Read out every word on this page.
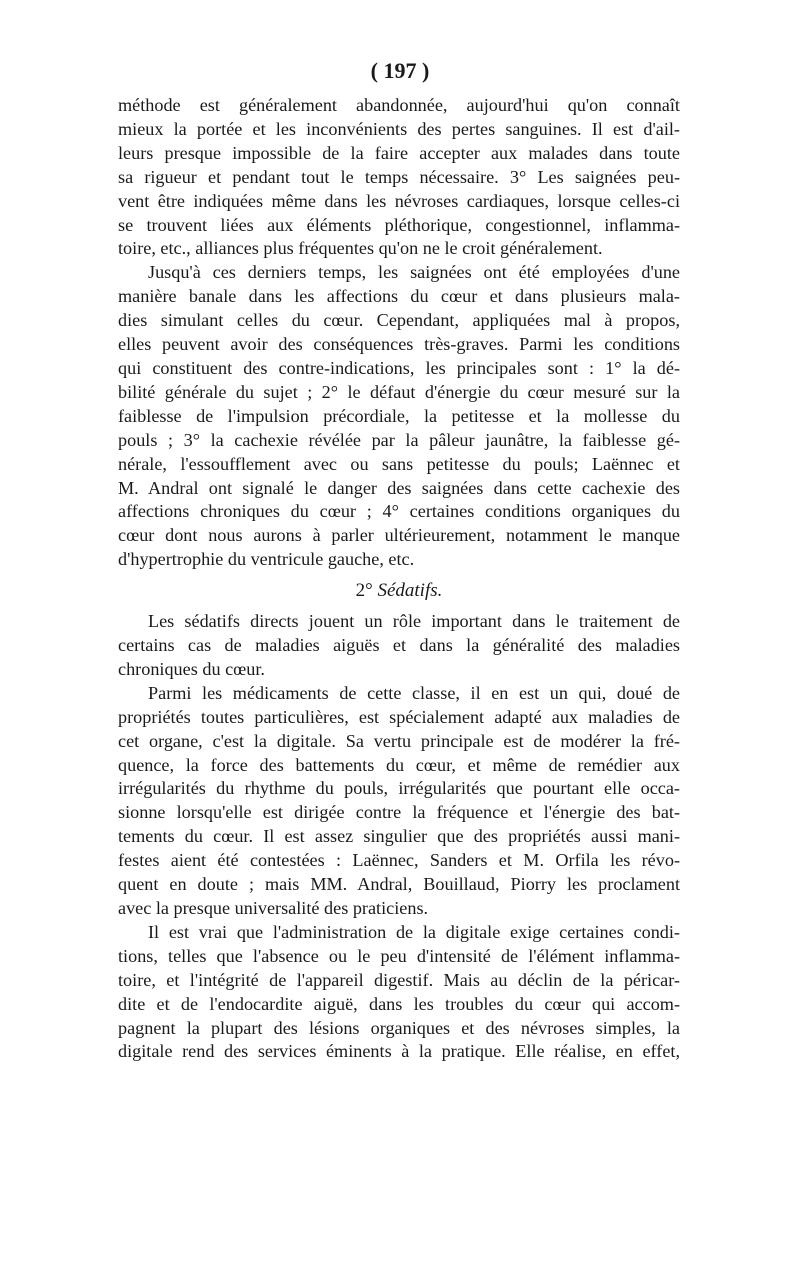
( 197 )
méthode est généralement abandonnée, aujourd'hui qu'on connaît
mieux la portée et les inconvénients des pertes sanguines. Il est d'ail-
leurs presque impossible de la faire accepter aux malades dans toute
sa rigueur et pendant tout le temps nécessaire. 3° Les saignées peu-
vent être indiquées même dans les névroses cardiaques, lorsque celles-ci
se trouvent liées aux éléments pléthorique, congestionnel, inflamma-
toire, etc., alliances plus fréquentes qu'on ne le croit généralement.
Jusqu'à ces derniers temps, les saignées ont été employées d'une
manière banale dans les affections du cœur et dans plusieurs mala-
dies simulant celles du cœur. Cependant, appliquées mal à propos,
elles peuvent avoir des conséquences très-graves. Parmi les conditions
qui constituent des contre-indications, les principales sont : 1° la dé-
bilité générale du sujet ; 2° le défaut d'énergie du cœur mesuré sur la
faiblesse de l'impulsion précordiale, la petitesse et la mollesse du
pouls ; 3° la cachexie révélée par la pâleur jaunâtre, la faiblesse gé-
nérale, l'essoufflement avec ou sans petitesse du pouls; Laënnec et
M. Andral ont signalé le danger des saignées dans cette cachexie des
affections chroniques du cœur ; 4° certaines conditions organiques du
cœur dont nous aurons à parler ultérieurement, notamment le manque
d'hypertrophie du ventricule gauche, etc.
2° Sédatifs.
Les sédatifs directs jouent un rôle important dans le traitement de
certains cas de maladies aiguës et dans la généralité des maladies
chroniques du cœur.
Parmi les médicaments de cette classe, il en est un qui, doué de
propriétés toutes particulières, est spécialement adapté aux maladies de
cet organe, c'est la digitale. Sa vertu principale est de modérer la fré-
quence, la force des battements du cœur, et même de remédier aux
irrégularités du rhythme du pouls, irrégularités que pourtant elle occa-
sionne lorsqu'elle est dirigée contre la fréquence et l'énergie des bat-
tements du cœur. Il est assez singulier que des propriétés aussi mani-
festes aient été contestées : Laënnec, Sanders et M. Orfila les révo-
quent en doute ; mais MM. Andral, Bouillaud, Piorry les proclament
avec la presque universalité des praticiens.
Il est vrai que l'administration de la digitale exige certaines condi-
tions, telles que l'absence ou le peu d'intensité de l'élément inflamma-
toire, et l'intégrité de l'appareil digestif. Mais au déclin de la péricar-
dite et de l'endocardite aiguë, dans les troubles du cœur qui accom-
pagnent la plupart des lésions organiques et des névroses simples, la
digitale rend des services éminents à la pratique. Elle réalise, en effet,
